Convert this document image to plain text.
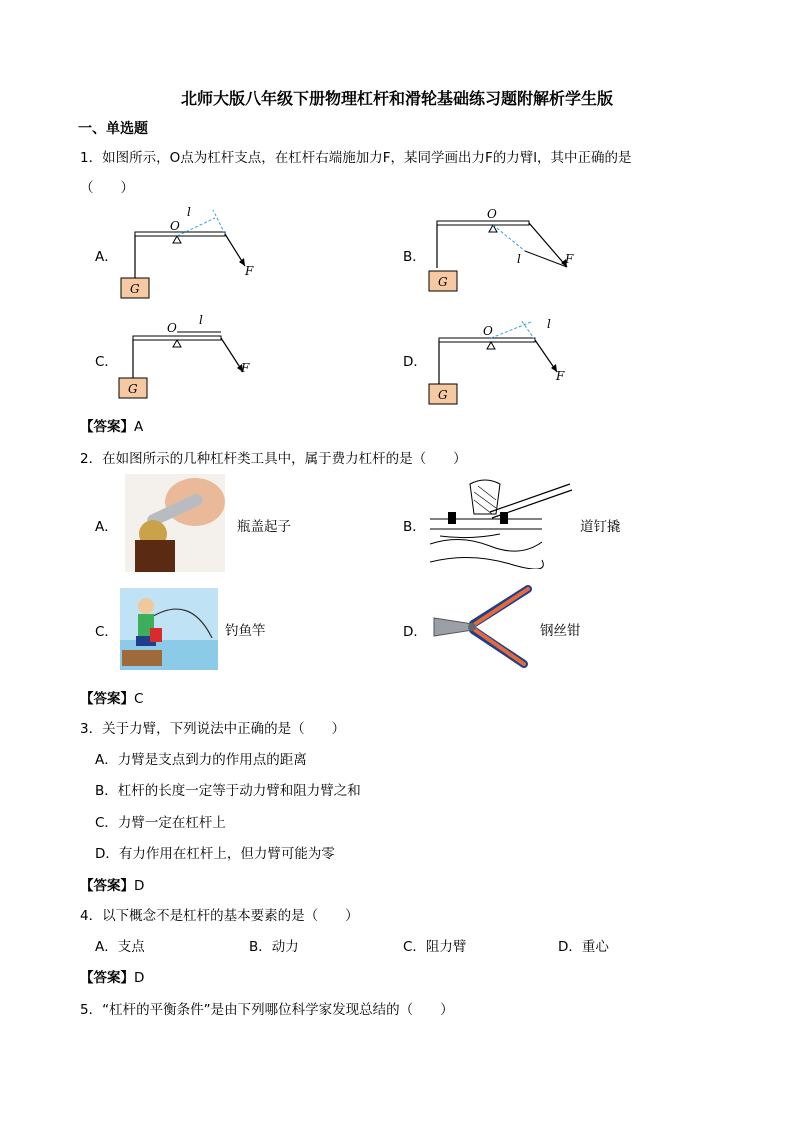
北师大版八年级下册物理杠杆和滑轮基础练习题附解析学生版
一、单选题
1．如图所示，O点为杠杆支点，在杠杆右端施加力F，某同学画出力F的力臂l，其中正确的是
（　　）
A．
G
O
l
F
B．
G
O
l	F
C．
G
O
l
F	D．
G
O	l
F
【答案】A
2．在如图所示的几种杠杆类工具中，属于费力杠杆的是（　　）
A．	瓶盖起子	B．	道钉撬
C．	钓鱼竿	D．	钢丝钳
【答案】C
3．关于力臂，下列说法中正确的是（　　）
A．力臂是支点到力的作用点的距离
B．杠杆的长度一定等于动力臂和阻力臂之和
C．力臂一定在杠杆上
D．有力作用在杠杆上，但力臂可能为零
【答案】D
4．以下概念不是杠杆的基本要素的是（　　）
A．支点	B．动力	C．阻力臂	D．重心
【答案】D
5．“杠杆的平衡条件”是由下列哪位科学家发现总结的（　　）
